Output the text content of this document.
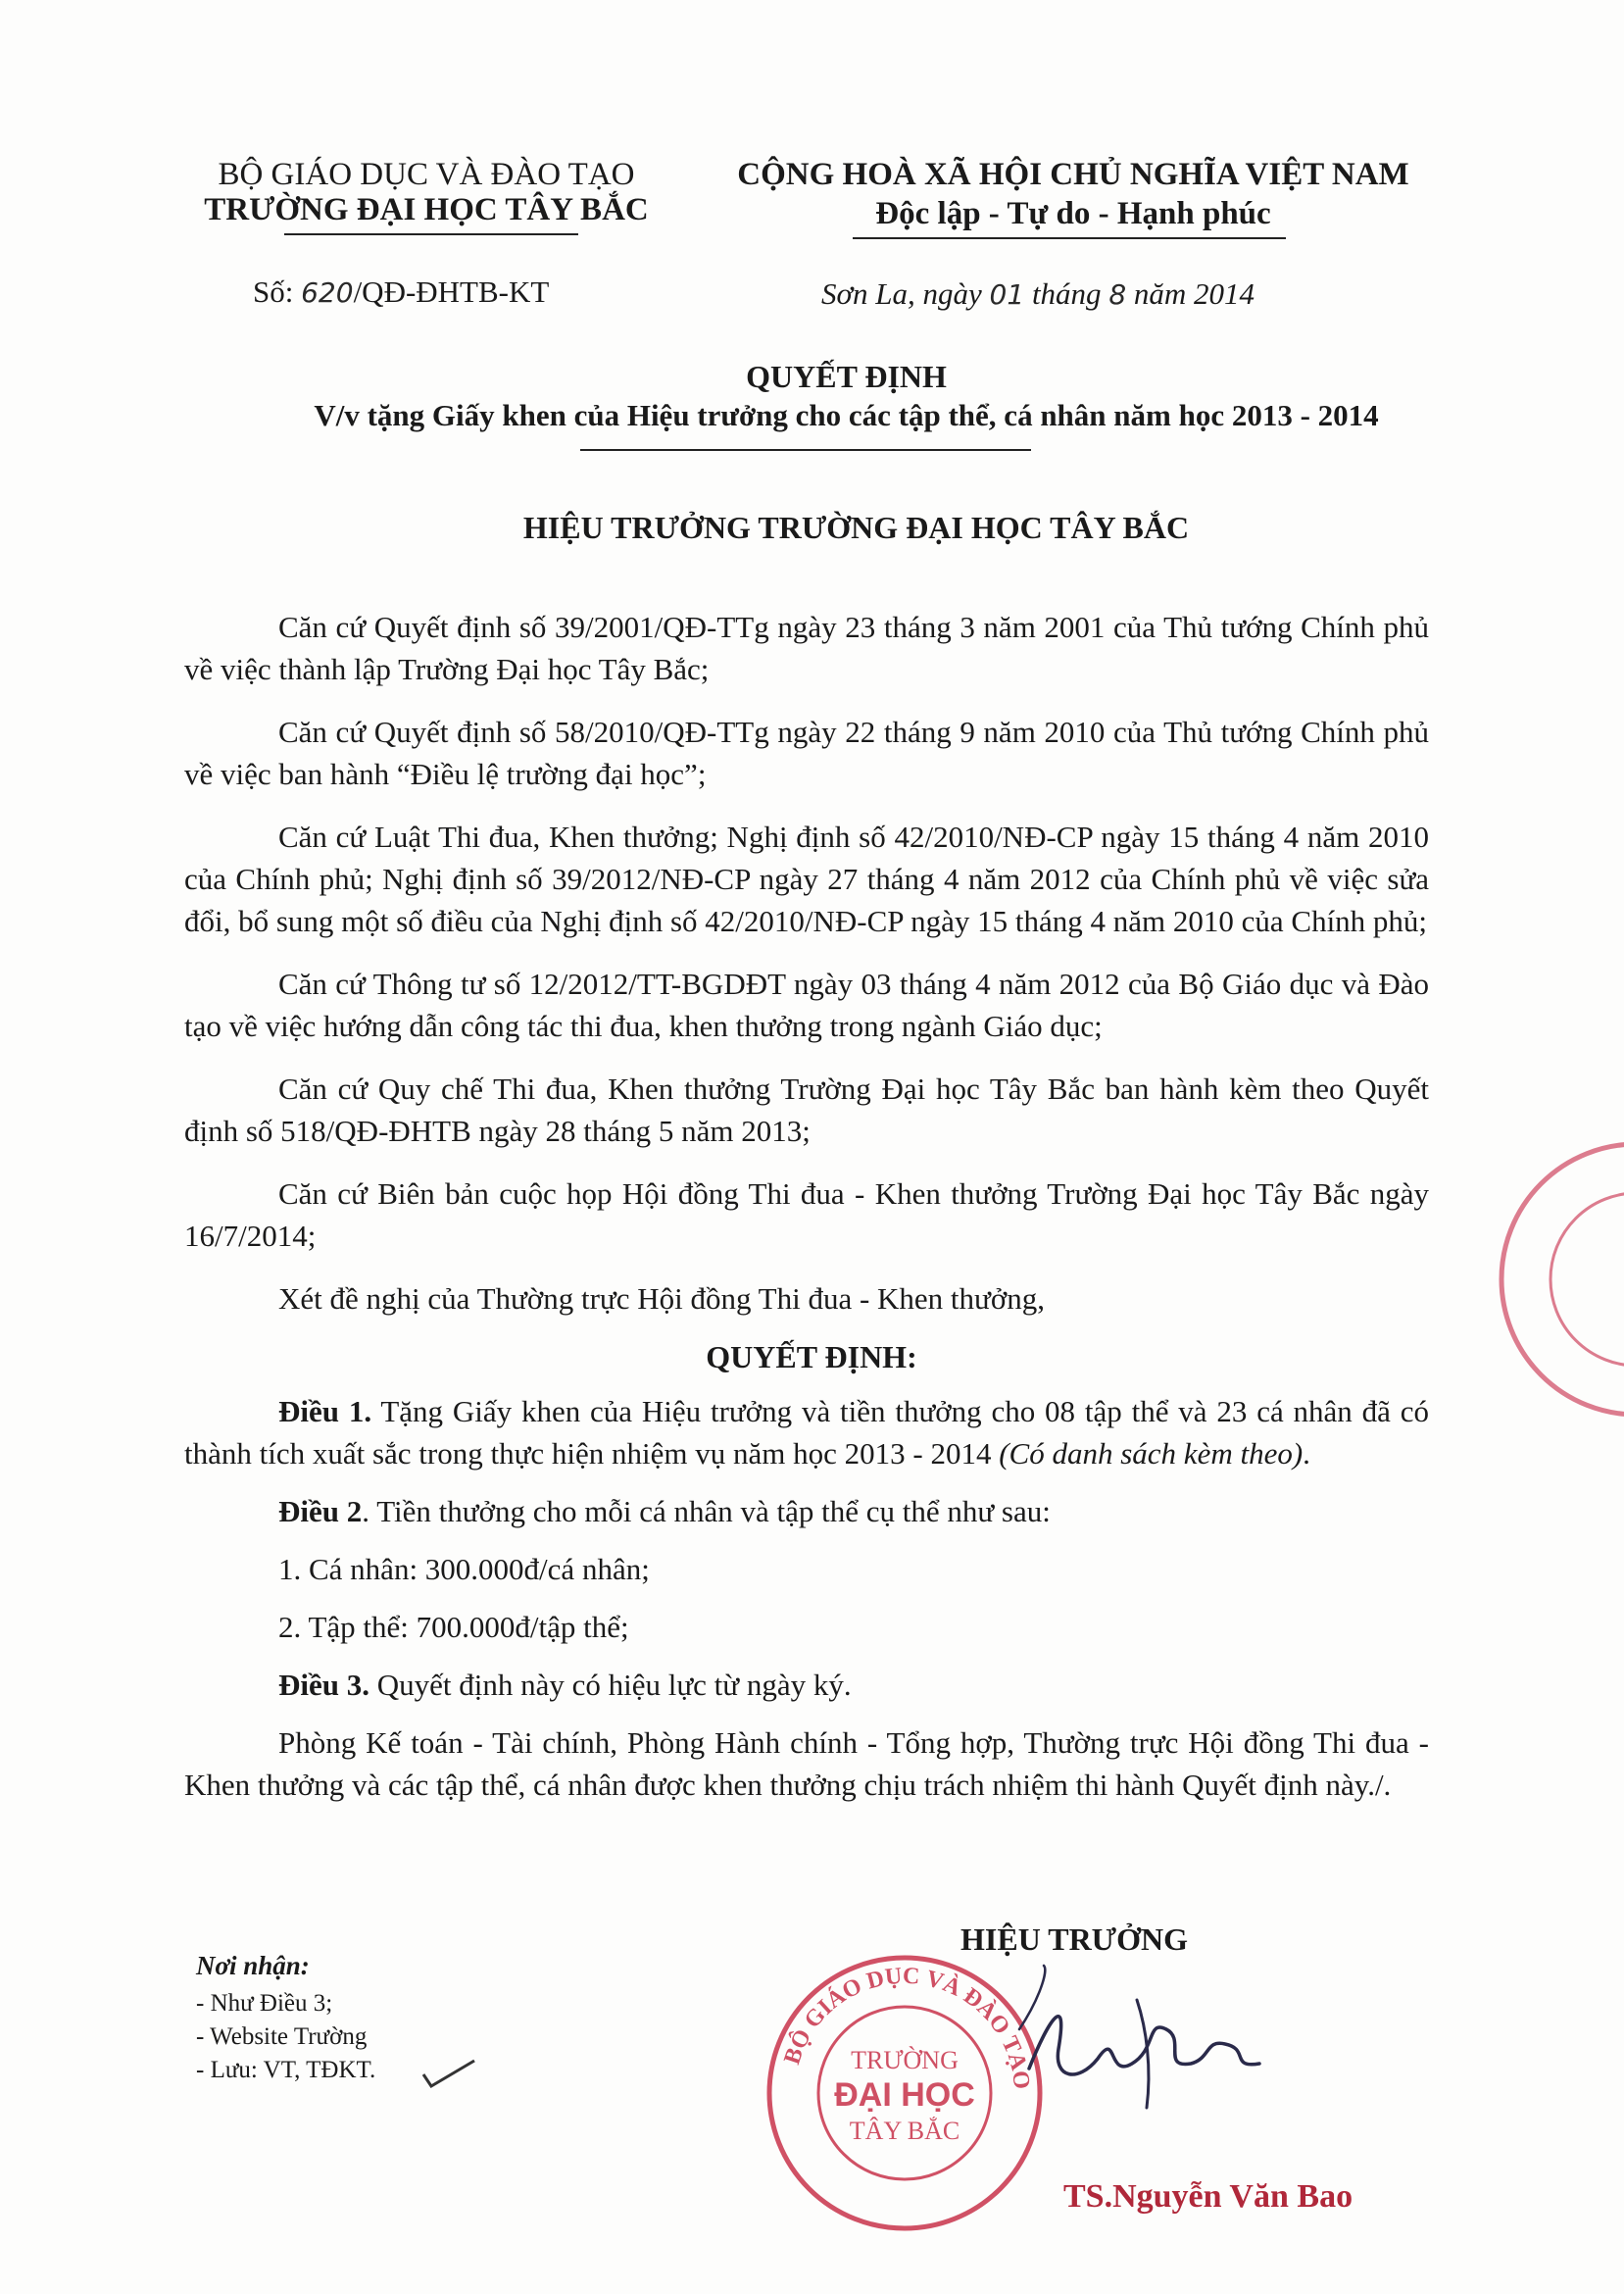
BỘ GIÁO DỤC VÀ ĐÀO TẠO
TRƯỜNG ĐẠI HỌC TÂY BẮC
CỘNG HOÀ XÃ HỘI CHỦ NGHĨA VIỆT NAM
Độc lập - Tự do - Hạnh phúc
Số: 620/QĐ-ĐHTB-KT	Sơn La, ngày 01 tháng 8 năm 2014
QUYẾT ĐỊNH
V/v tặng Giấy khen của Hiệu trưởng cho các tập thể, cá nhân năm học 2013 - 2014
HIỆU TRƯỞNG TRƯỜNG ĐẠI HỌC TÂY BẮC

Căn cứ Quyết định số 39/2001/QĐ-TTg ngày 23 tháng 3 năm 2001 của Thủ tướng Chính phủ về việc thành lập Trường Đại học Tây Bắc;

Căn cứ Quyết định số 58/2010/QĐ-TTg ngày 22 tháng 9 năm 2010 của Thủ tướng Chính phủ về việc ban hành “Điều lệ trường đại học”;

Căn cứ Luật Thi đua, Khen thưởng; Nghị định số 42/2010/NĐ-CP ngày 15 tháng 4 năm 2010 của Chính phủ; Nghị định số 39/2012/NĐ-CP ngày 27 tháng 4 năm 2012 của Chính phủ về việc sửa đổi, bổ sung một số điều của Nghị định số 42/2010/NĐ-CP ngày 15 tháng 4 năm 2010 của Chính phủ;

Căn cứ Thông tư số 12/2012/TT-BGDĐT ngày 03 tháng 4 năm 2012 của Bộ Giáo dục và Đào tạo về việc hướng dẫn công tác thi đua, khen thưởng trong ngành Giáo dục;

Căn cứ Quy chế Thi đua, Khen thưởng Trường Đại học Tây Bắc ban hành kèm theo Quyết định số 518/QĐ-ĐHTB ngày 28 tháng 5 năm 2013;

Căn cứ Biên bản cuộc họp Hội đồng Thi đua - Khen thưởng Trường Đại học Tây Bắc ngày 16/7/2014;

Xét đề nghị của Thường trực Hội đồng Thi đua - Khen thưởng,

QUYẾT ĐỊNH:

Điều 1. Tặng Giấy khen của Hiệu trưởng và tiền thưởng cho 08 tập thể và 23 cá nhân đã có thành tích xuất sắc trong thực hiện nhiệm vụ năm học 2013 - 2014 (Có danh sách kèm theo).

Điều 2. Tiền thưởng cho mỗi cá nhân và tập thể cụ thể như sau:

1. Cá nhân: 300.000đ/cá nhân;

2. Tập thể: 700.000đ/tập thể;

Điều 3. Quyết định này có hiệu lực từ ngày ký.

Phòng Kế toán - Tài chính, Phòng Hành chính - Tổng hợp, Thường trực Hội đồng Thi đua - Khen thưởng và các tập thể, cá nhân được khen thưởng chịu trách nhiệm thi hành Quyết định này./.

Nơi nhận:
- Như Điều 3;
- Website Trường
- Lưu: VT, TĐKT.
HIỆU TRƯỞNG
BỘ GIÁO DỤC VÀ ĐÀO TẠO
TRƯỜNG
ĐẠI HỌC
TÂY BẮC
TS.Nguyễn Văn Bao
